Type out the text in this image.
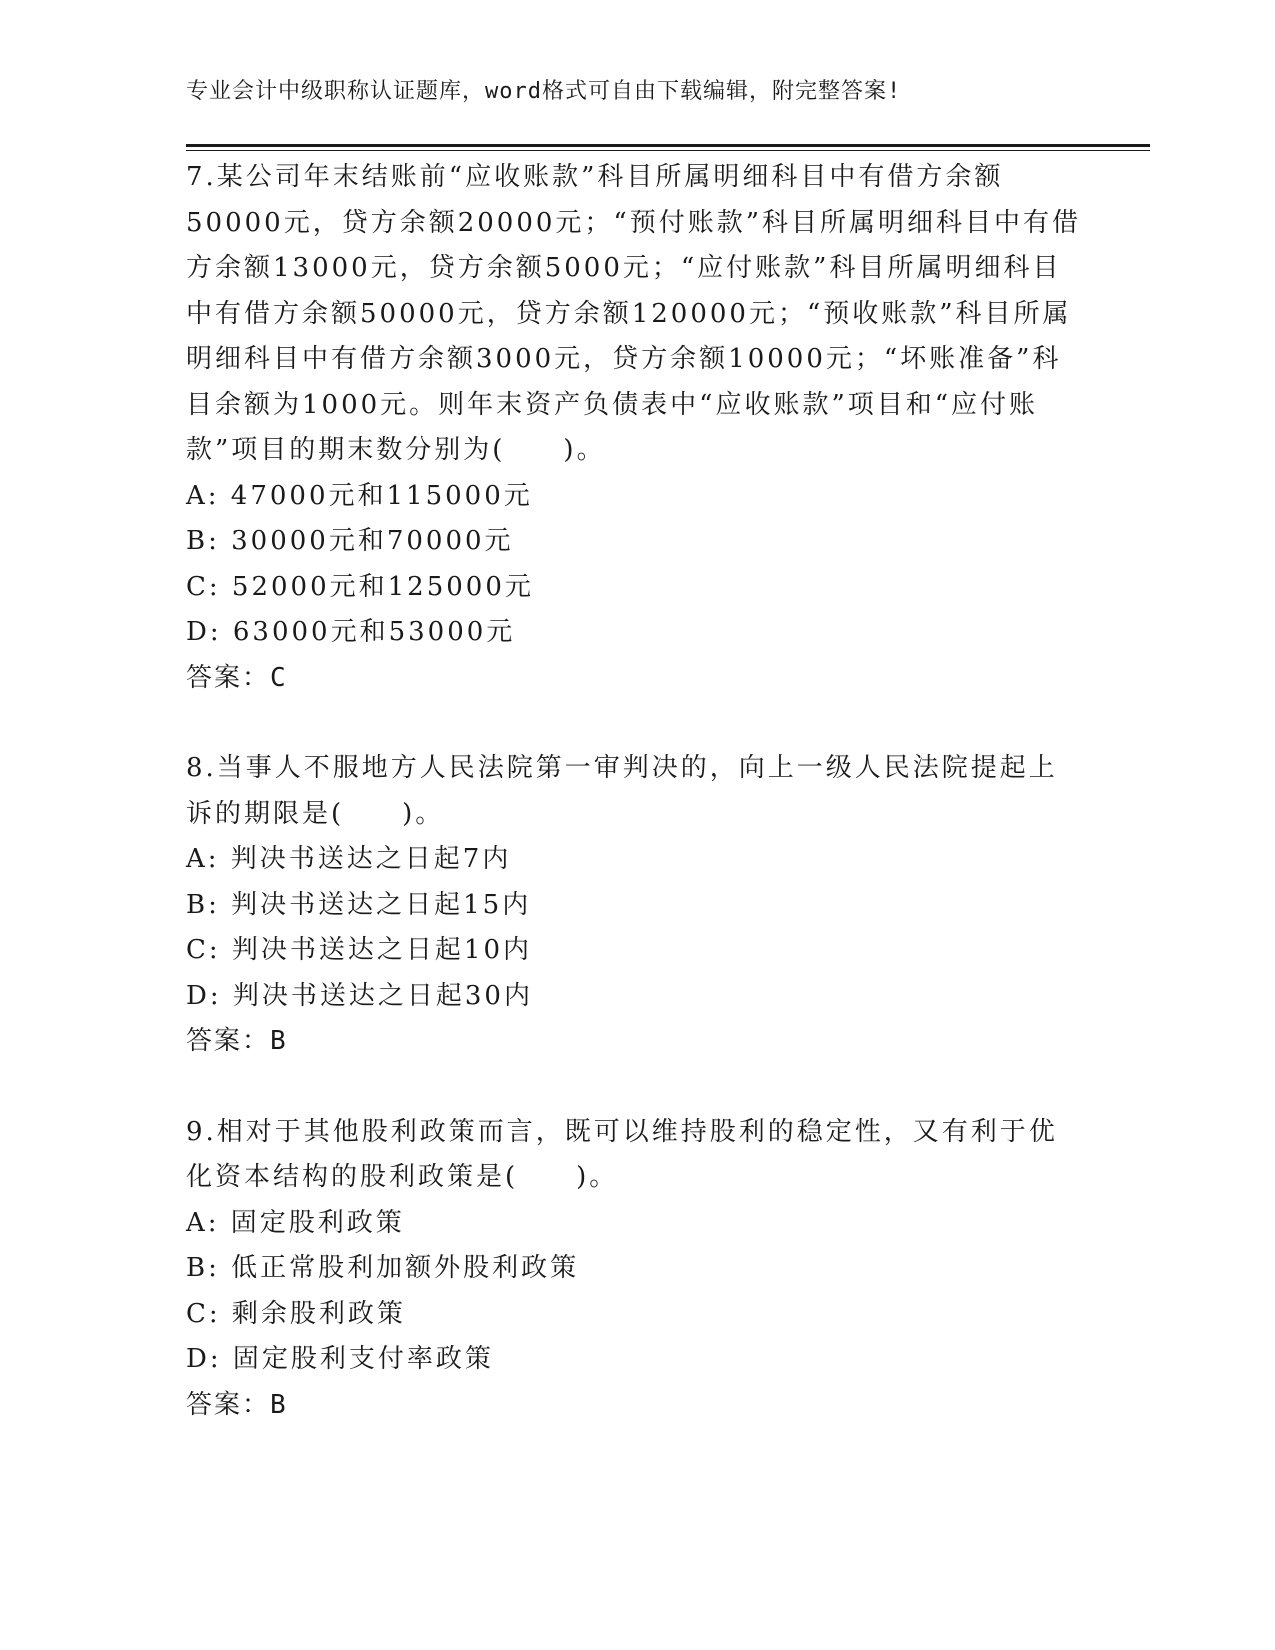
专业会计中级职称认证题库，word格式可自由下载编辑，附完整答案!
7.某公司年末结账前“应收账款”科目所属明细科目中有借方余额50000元，贷方余额20000元；“预付账款”科目所属明细科目中有借方余额13000元，贷方余额5000元；“应付账款”科目所属明细科目中有借方余额50000元，贷方余额120000元；“预收账款”科目所属明细科目中有借方余额3000元，贷方余额10000元；“坏账准备”科目余额为1000元。则年末资产负债表中“应收账款”项目和“应付账款”项目的期末数分别为(　　)。
A: 47000元和115000元
B: 30000元和70000元
C: 52000元和125000元
D: 63000元和53000元
答案：C
8.当事人不服地方人民法院第一审判决的，向上一级人民法院提起上诉的期限是(　　)。
A: 判决书送达之日起7内
B: 判决书送达之日起15内
C: 判决书送达之日起10内
D: 判决书送达之日起30内
答案：B
9.相对于其他股利政策而言，既可以维持股利的稳定性，又有利于优化资本结构的股利政策是(　　)。
A: 固定股利政策
B: 低正常股利加额外股利政策
C: 剩余股利政策
D: 固定股利支付率政策
答案：B
